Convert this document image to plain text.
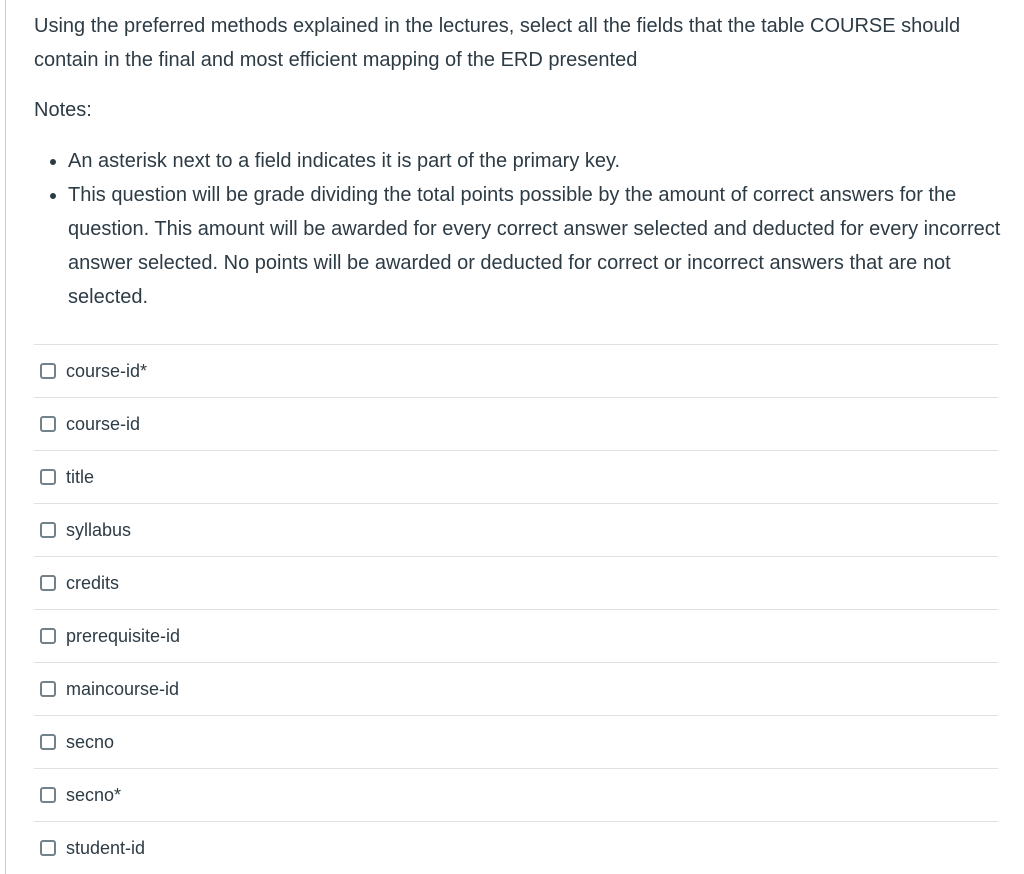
Using the preferred methods explained in the lectures, select all the fields that the table COURSE should contain in the final and most efficient mapping of the ERD presented

Notes:

• An asterisk next to a field indicates it is part of the primary key.
• This question will be grade dividing the total points possible by the amount of correct answers for the question. This amount will be awarded for every correct answer selected and deducted for every incorrect answer selected. No points will be awarded or deducted for correct or incorrect answers that are not selected.
course-id*
course-id
title
syllabus
credits
prerequisite-id
maincourse-id
secno
secno*
student-id
